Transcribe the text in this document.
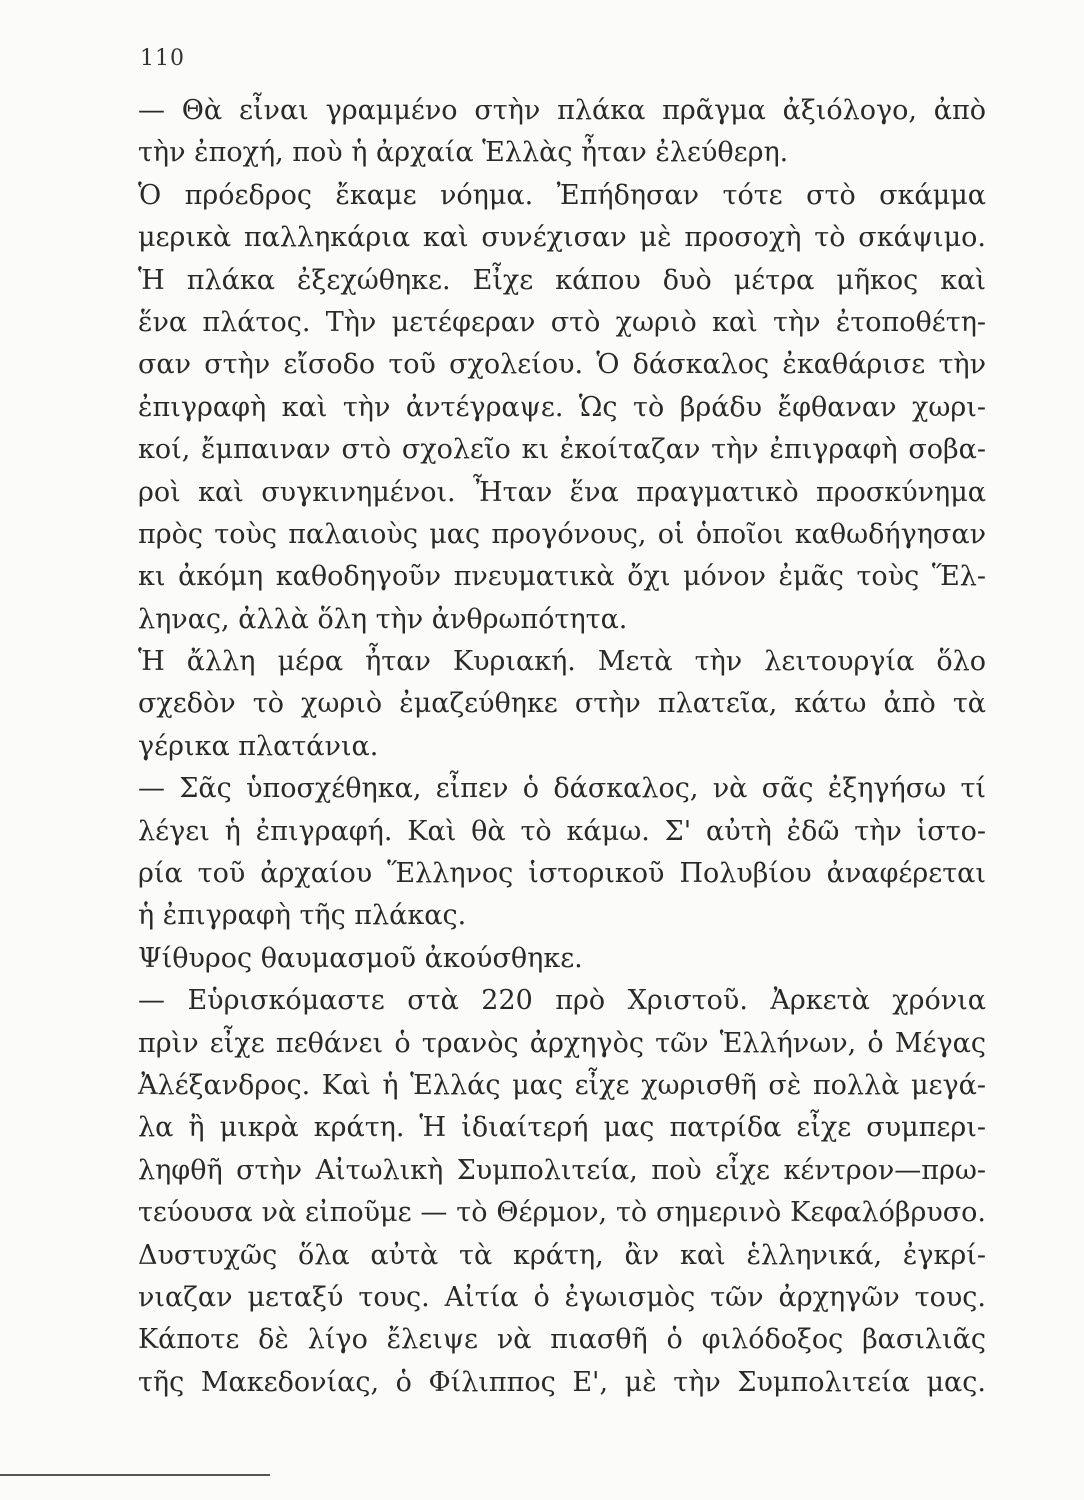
110
— Θὰ εἶναι γραμμένο στὴν πλάκα πρᾶγμα ἀξιόλογο, ἀπὸ
τὴν ἐποχή, ποὺ ἡ ἀρχαία Ἑλλὰς ἦταν ἐλεύθερη.
Ὁ πρόεδρος ἔκαμε νόημα. Ἐπήδησαν τότε στὸ σκάμμα
μερικὰ παλληκάρια καὶ συνέχισαν μὲ προσοχὴ τὸ σκάψιμο.
Ἡ πλάκα ἐξεχώθηκε. Εἶχε κάπου δυὸ μέτρα μῆκος καὶ
ἕνα πλάτος. Τὴν μετέφεραν στὸ χωριὸ καὶ τὴν ἐτοποθέτη-
σαν στὴν εἴσοδο τοῦ σχολείου. Ὁ δάσκαλος ἐκαθάρισε τὴν
ἐπιγραφὴ καὶ τὴν ἀντέγραψε. Ὡς τὸ βράδυ ἔφθαναν χωρι-
κοί, ἔμπαιναν στὸ σχολεῖο κι ἐκοίταζαν τὴν ἐπιγραφὴ σοβα-
ροὶ καὶ συγκινημένοι. Ἦταν ἕνα πραγματικὸ προσκύνημα
πρὸς τοὺς παλαιοὺς μας προγόνους, οἱ ὁποῖοι καθωδήγησαν
κι ἀκόμη καθοδηγοῦν πνευματικὰ ὄχι μόνον ἐμᾶς τοὺς Ἕλ-
ληνας, ἀλλὰ ὅλη τὴν ἀνθρωπότητα.
Ἡ ἄλλη μέρα ἦταν Κυριακή. Μετὰ τὴν λειτουργία ὅλο
σχεδὸν τὸ χωριὸ ἐμαζεύθηκε στὴν πλατεῖα, κάτω ἀπὸ τὰ
γέρικα πλατάνια.
— Σᾶς ὑποσχέθηκα, εἶπεν ὁ δάσκαλος, νὰ σᾶς ἐξηγήσω τί
λέγει ἡ ἐπιγραφή. Καὶ θὰ τὸ κάμω. Σ' αὐτὴ ἐδῶ τὴν ἱστο-
ρία τοῦ ἀρχαίου Ἕλληνος ἱστορικοῦ Πολυβίου ἀναφέρεται
ἡ ἐπιγραφὴ τῆς πλάκας.
Ψίθυρος θαυμασμοῦ ἀκούσθηκε.
— Εὑρισκόμαστε στὰ 220 πρὸ Χριστοῦ. Ἀρκετὰ χρόνια
πρὶν εἶχε πεθάνει ὁ τρανὸς ἀρχηγὸς τῶν Ἑλλήνων, ὁ Μέγας
Ἀλέξανδρος. Καὶ ἡ Ἑλλάς μας εἶχε χωρισθῆ σὲ πολλὰ μεγά-
λα ἢ μικρὰ κράτη. Ἡ ἰδιαίτερή μας πατρίδα εἶχε συμπερι-
ληφθῆ στὴν Αἰτωλικὴ Συμπολιτεία, ποὺ εἶχε κέντρον—πρω-
τεύουσα νὰ εἰποῦμε — τὸ Θέρμον, τὸ σημερινὸ Κεφαλόβρυσο.
Δυστυχῶς ὅλα αὐτὰ τὰ κράτη, ἂν καὶ ἑλληνικά, ἐγκρί-
νιαζαν μεταξύ τους. Αἰτία ὁ ἐγωισμὸς τῶν ἀρχηγῶν τους.
Κάποτε δὲ λίγο ἔλειψε νὰ πιασθῆ ὁ φιλόδοξος βασιλιᾶς
τῆς Μακεδονίας, ὁ Φίλιππος Ε', μὲ τὴν Συμπολιτεία μας.
